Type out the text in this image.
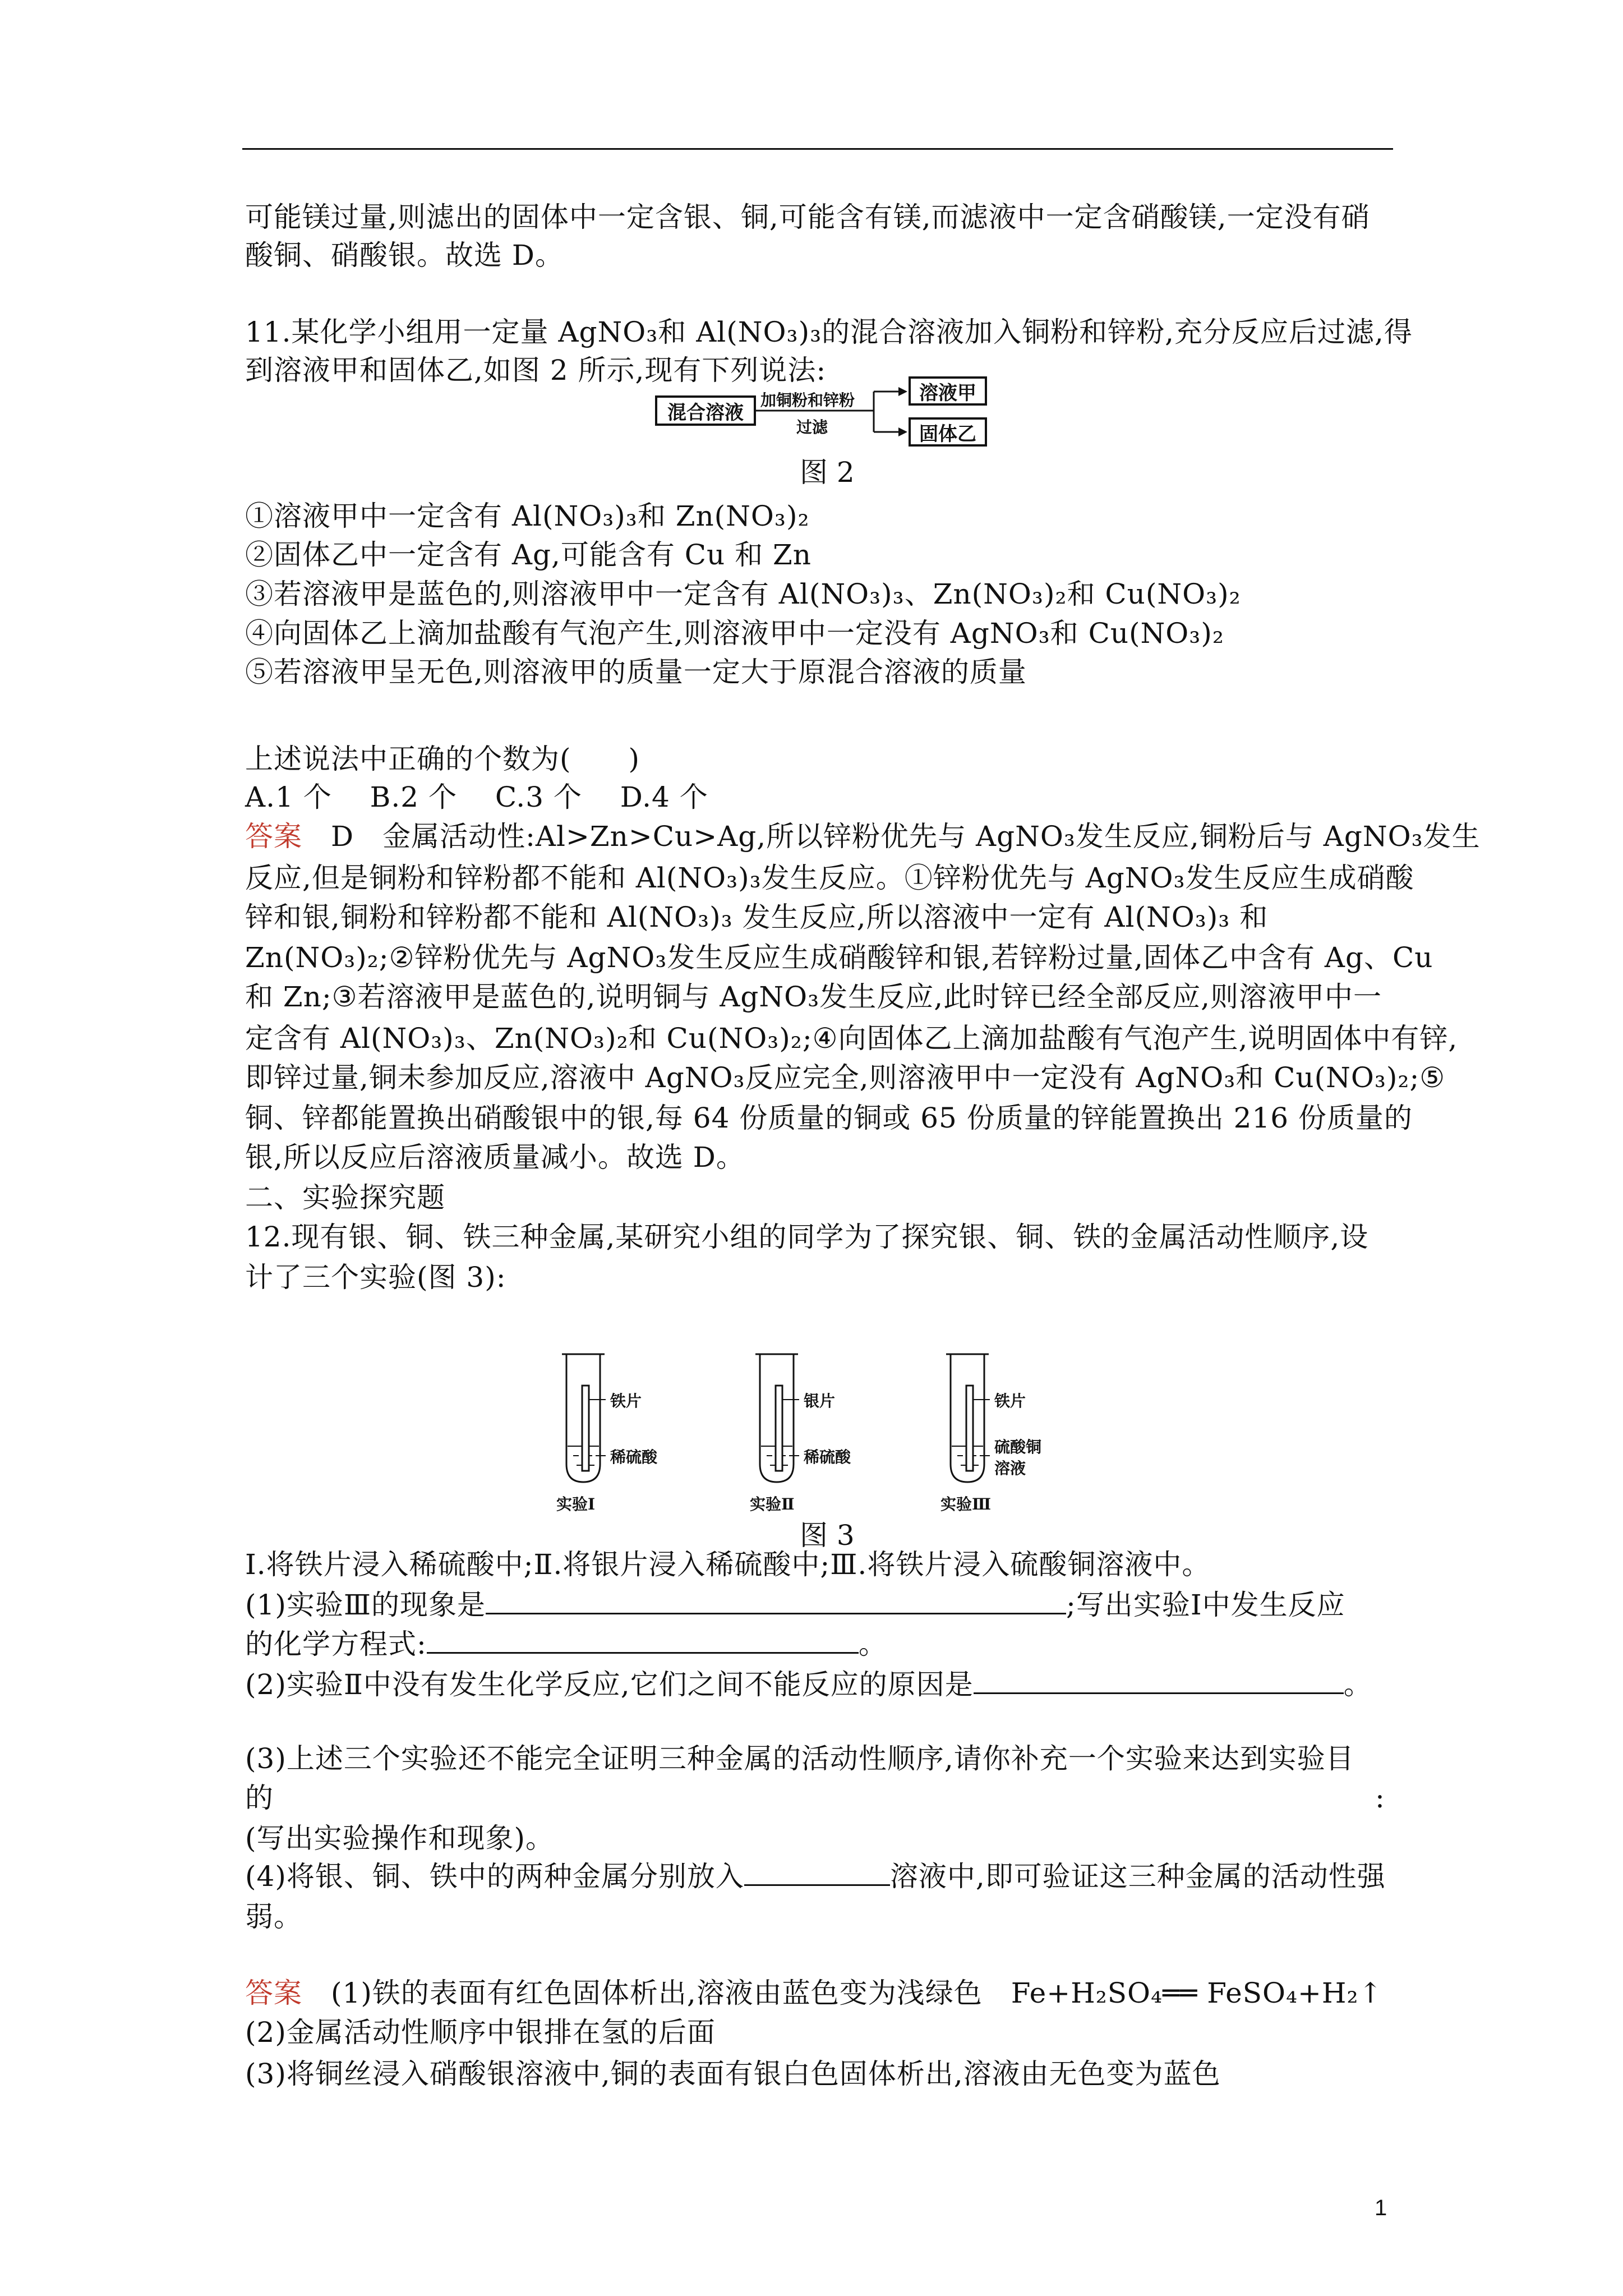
可能镁过量,则滤出的固体中一定含银、铜,可能含有镁,而滤液中一定含硝酸镁,一定没有硝
酸铜、硝酸银。故选 D。
11.某化学小组用一定量 AgNO₃和 Al(NO₃)₃的混合溶液加入铜粉和锌粉,充分反应后过滤,得
到溶液甲和固体乙,如图 2 所示,现有下列说法:
①溶液甲中一定含有 Al(NO₃)₃和 Zn(NO₃)₂
②固体乙中一定含有 Ag,可能含有 Cu 和 Zn
③若溶液甲是蓝色的,则溶液甲中一定含有 Al(NO₃)₃、Zn(NO₃)₂和 Cu(NO₃)₂
④向固体乙上滴加盐酸有气泡产生,则溶液甲中一定没有 AgNO₃和 Cu(NO₃)₂
⑤若溶液甲呈无色,则溶液甲的质量一定大于原混合溶液的质量
上述说法中正确的个数为(　　)
A.1 个　 B.2 个　 C.3 个　 D.4 个
答案　D　金属活动性:Al>Zn>Cu>Ag,所以锌粉优先与 AgNO₃发生反应,铜粉后与 AgNO₃发生
反应,但是铜粉和锌粉都不能和 Al(NO₃)₃发生反应。①锌粉优先与 AgNO₃发生反应生成硝酸
锌和银,铜粉和锌粉都不能和 Al(NO₃)₃ 发生反应,所以溶液中一定有 Al(NO₃)₃ 和
Zn(NO₃)₂;②锌粉优先与 AgNO₃发生反应生成硝酸锌和银,若锌粉过量,固体乙中含有 Ag、Cu
和 Zn;③若溶液甲是蓝色的,说明铜与 AgNO₃发生反应,此时锌已经全部反应,则溶液甲中一
定含有 Al(NO₃)₃、Zn(NO₃)₂和 Cu(NO₃)₂;④向固体乙上滴加盐酸有气泡产生,说明固体中有锌,
即锌过量,铜未参加反应,溶液中 AgNO₃反应完全,则溶液甲中一定没有 AgNO₃和 Cu(NO₃)₂;⑤
铜、锌都能置换出硝酸银中的银,每 64 份质量的铜或 65 份质量的锌能置换出 216 份质量的
银,所以反应后溶液质量减小。故选 D。
二、实验探究题
12.现有银、铜、铁三种金属,某研究小组的同学为了探究银、铜、铁的金属活动性顺序,设
计了三个实验(图 3):
Ⅰ.将铁片浸入稀硫酸中;Ⅱ.将银片浸入稀硫酸中;Ⅲ.将铁片浸入硫酸铜溶液中。
(1)实验Ⅲ的现象是	;写出实验Ⅰ中发生反应
的化学方程式:	。
(2)实验Ⅱ中没有发生化学反应,它们之间不能反应的原因是	。
(3)上述三个实验还不能完全证明三种金属的活动性顺序,请你补充一个实验来达到实验目
的	:
(写出实验操作和现象)。
(4)将银、铜、铁中的两种金属分别放入	溶液中,即可验证这三种金属的活动性强
弱。
答案　(1)铁的表面有红色固体析出,溶液由蓝色变为浅绿色　Fe+H₂SO₄══ FeSO₄+H₂↑
(2)金属活动性顺序中银排在氢的后面
(3)将铜丝浸入硝酸银溶液中,铜的表面有银白色固体析出,溶液由无色变为蓝色
混合溶液
加铜粉和锌粉
过滤
溶液甲
固体乙
图 2
铁片
稀硫酸
实验Ⅰ
银片
稀硫酸
实验Ⅱ
铁片
硫酸铜
溶液
实验Ⅲ
图 3
1
